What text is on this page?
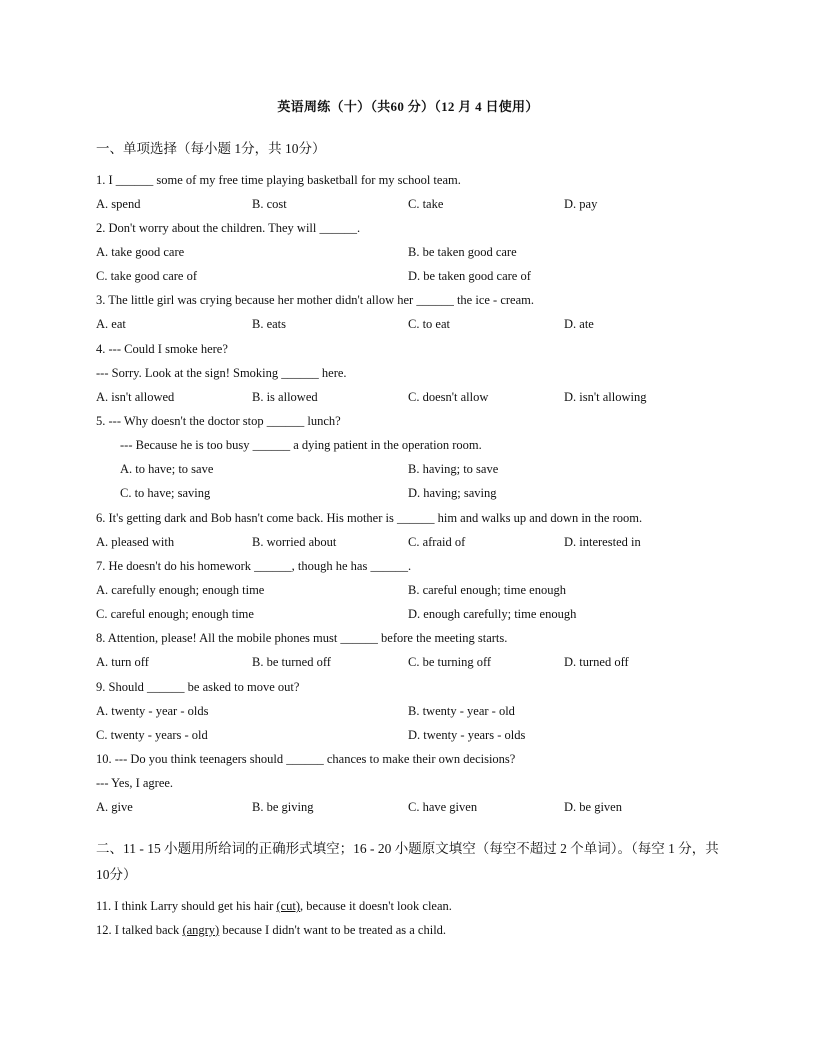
英语周练（十）（共60 分）（12 月 4 日使用）
一、单项选择（每小题 1分，共 10分）
1. I ______ some of my free time playing basketball for my school team.
A. spend	B. cost	C. take	D. pay
2. Don't worry about the children. They will ______.
A. take good care	B. be taken good care
C. take good care of	D. be taken good care of
3. The little girl was crying because her mother didn't allow her ______ the ice - cream.
A. eat	B. eats	C. to eat	D. ate
4. --- Could I smoke here?
--- Sorry. Look at the sign! Smoking ______ here.
A. isn't allowed	B. is allowed	C. doesn't allow	D. isn't allowing
5. --- Why doesn't the doctor stop ______ lunch?
--- Because he is too busy ______ a dying patient in the operation room.
A. to have; to save	B. having; to save
C. to have; saving	D. having; saving
6. It's getting dark and Bob hasn't come back. His mother is ______ him and walks up and down in the room.
A. pleased with	B. worried about	C. afraid of	D. interested in
7. He doesn't do his homework ______, though he has ______.
A. carefully enough; enough time	B. careful enough; time enough
C. careful enough; enough time	D. enough carefully; time enough
8. Attention, please! All the mobile phones must ______ before the meeting starts.
A. turn off	B. be turned off	C. be turning off	D. turned off
9. Should ______ be asked to move out?
A. twenty - year - olds	B. twenty - year - old
C. twenty - years - old	D. twenty - years - olds
10. --- Do you think teenagers should ______ chances to make their own decisions?
--- Yes, I agree.
A. give	B. be giving	C. have given	D. be given
二、11 - 15 小题用所给词的正确形式填空；16 - 20 小题原文填空（每空不超过 2 个单词）。（每空 1 分，共 10分）
11. I think Larry should get his hair (cut), because it doesn't look clean.
12. I talked back (angry) because I didn't want to be treated as a child.
